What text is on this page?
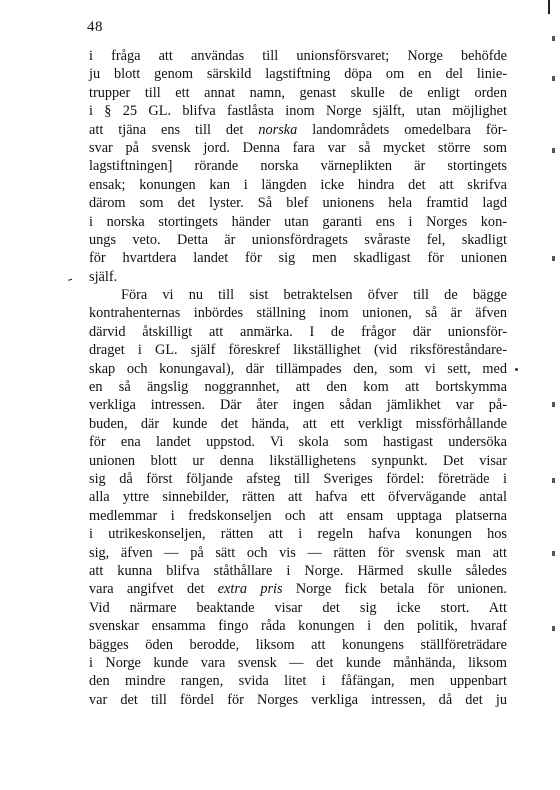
48
-
i fråga att användas till unionsförsvaret; Norge behöfde
ju blott genom särskild lagstiftning döpa om en del linie-
trupper till ett annat namn, genast skulle de enligt orden
i § 25 GL. blifva fastlåsta inom Norge själft, utan möjlighet
att tjäna ens till det norska landområdets omedelbara för-
svar på svensk jord. Denna fara var så mycket större som
lagstiftningen] rörande norska värneplikten är stortingets
ensak; konungen kan i längden icke hindra det att skrifva
därom som det lyster. Så blef unionens hela framtid lagd
i norska stortingets händer utan garanti ens i Norges kon-
ungs veto. Detta är unionsfördragets svåraste fel, skadligt
för hvartdera landet för sig men skadligast för unionen
själf.
Föra vi nu till sist betraktelsen öfver till de bägge
kontrahenternas inbördes ställning inom unionen, så är äfven
därvid åtskilligt att anmärka. I de frågor där unionsför-
draget i GL. själf föreskref likställighet (vid riksföreståndare-
skap och konungaval), där tillämpades den, som vi sett, med
en så ängslig noggrannhet, att den kom att bortskymma
verkliga intressen. Där åter ingen sådan jämlikhet var på-
buden, där kunde det hända, att ett verkligt missförhållande
för ena landet uppstod. Vi skola som hastigast undersöka
unionen blott ur denna likställighetens synpunkt. Det visar
sig då först följande afsteg till Sveriges fördel: företräde i
alla yttre sinnebilder, rätten att hafva ett öfvervägande antal
medlemmar i fredskonseljen och att ensam upptaga platserna
i utrikeskonseljen, rätten att i regeln hafva konungen hos
sig, äfven — på sätt och vis — rätten för svensk man att
att kunna blifva ståthållare i Norge. Härmed skulle således
vara angifvet det extra pris Norge fick betala för unionen.
Vid närmare beaktande visar det sig icke stort. Att
svenskar ensamma fingo råda konungen i den politik, hvaraf
bägges öden berodde, liksom att konungens ställföreträdare
i Norge kunde vara svensk — det kunde månhända, liksom
den mindre rangen, svida litet i fåfängan, men uppenbart
var det till fördel för Norges verkliga intressen, då det ju
